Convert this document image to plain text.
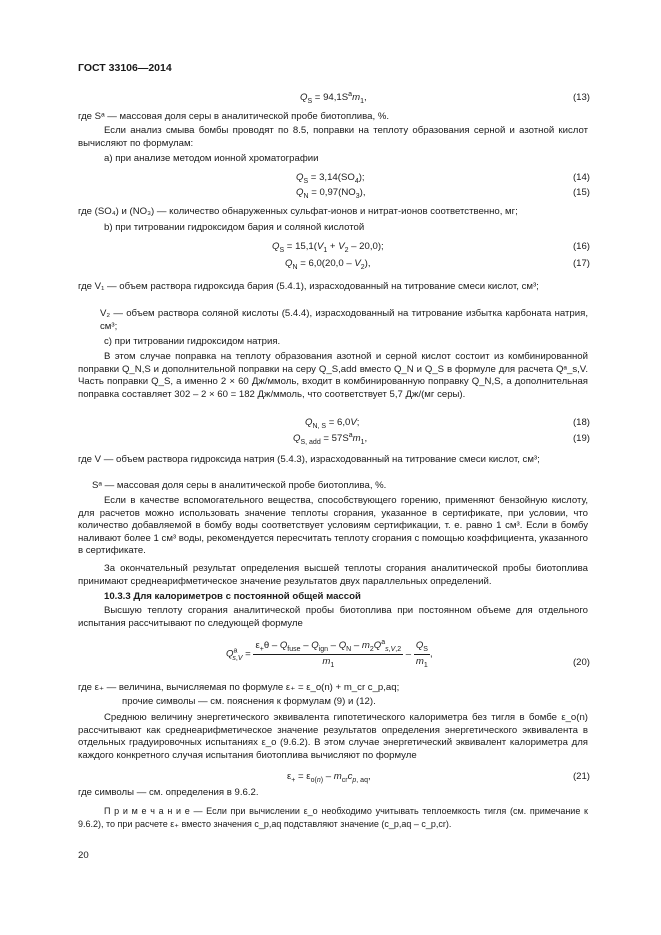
ГОСТ 33106—2014
$Q_S = 94,1S^am_1$,	(13)
где Sᵃ — массовая доля серы в аналитической пробе биотоплива, %.
Если анализ смыва бомбы проводят по 8.5, поправки на теплоту образования серной и азотной кислот вычисляют по формулам:
а) при анализе методом ионной хроматографии
$Q_S = 3,14(SO_4)$;	(14)
$Q_N = 0,97(NO_3)$,	(15)
где (SO₄) и (NO₃) — количество обнаруженных сульфат-ионов и нитрат-ионов соответственно, мг;
b) при титровании гидроксидом бария и соляной кислотой
$Q_S = 15,1(V_1 + V_2 - 20,0)$;	(16)
$Q_N = 6,0(20,0 - V_2)$,	(17)
где V₁ — объем раствора гидроксида бария (5.4.1), израсходованный на титрование смеси кислот, см³;
V₂ — объем раствора соляной кислоты (5.4.4), израсходованный на титрование избытка карбоната натрия, см³;
с) при титровании гидроксидом натрия.
В этом случае поправка на теплоту образования азотной и серной кислот состоит из комбинированной поправки Q_N,S и дополнительной поправки на серу Q_S,add вместо Q_N и Q_S в формуле для расчета Qᵃ_s,V. Часть поправки Q_S, а именно 2 × 60 Дж/ммоль, входит в комбинированную поправку Q_N,S, а дополнительная поправка составляет 302 – 2 × 60 = 182 Дж/ммоль, что соответствует 5,7 Дж/(мг серы).
$Q_{N, S} = 6,0V$;	(18)
$Q_{S, add} = 57S^am_1$,	(19)
где V — объем раствора гидроксида натрия (5.4.3), израсходованный на титрование смеси кислот, см³;
Sᵃ — массовая доля серы в аналитической пробе биотоплива, %.
Если в качестве вспомогательного вещества, способствующего горению, применяют бензойную кислоту, для расчетов можно использовать значение теплоты сгорания, указанное в сертификате, при условии, что количество добавляемой в бомбу воды соответствует условиям сертификации, т. е. равно 1 см³. Если в бомбу наливают более 1 см³ воды, рекомендуется пересчитать теплоту сгорания с помощью коэффициента, указанного в сертификате.
За окончательный результат определения высшей теплоты сгорания аналитической пробы биотоплива принимают среднеарифметическое значение результатов двух параллельных определений.
10.3.3 Для калориметров с постоянной общей массой
Высшую теплоту сгорания аналитической пробы биотоплива при постоянном объеме для отдельного испытания рассчитывают по следующей формуле
$Q^a_{s,V} = \frac{\varepsilon_+\theta - Q_{fuse} - Q_{ign} - Q_N - m_2Q^a_{s,V,2}}{m_1} - \frac{Q_S}{m_1}$ ,
(20)
где ε₊ — величина, вычисляемая по формуле ε₊ = ε_o(n) + m_cr c_p,aq;
прочие символы — см. пояснения к формулам (9) и (12).
Среднюю величину энергетического эквивалента гипотетического калориметра без тигля в бомбе ε_o(n) рассчитывают как среднеарифметическое значение результатов определения энергетического эквивалента в отдельных градуировочных испытаниях ε_o (9.6.2). В этом случае энергетический эквивалент калориметра для каждого конкретного случая испытания биотоплива вычисляют по формуле
$\varepsilon_+ = \varepsilon_{o(n)} - m_{cr}c_{p, aq}$,	(21)
где символы — см. определения в 9.6.2.
П р и м е ч а н и е — Если при вычислении ε_o необходимо учитывать теплоемкость тигля (см. примечание к 9.6.2), то при расчете ε₊ вместо значения c_p,aq подставляют значение (c_p,aq – c_p,cr).
20
